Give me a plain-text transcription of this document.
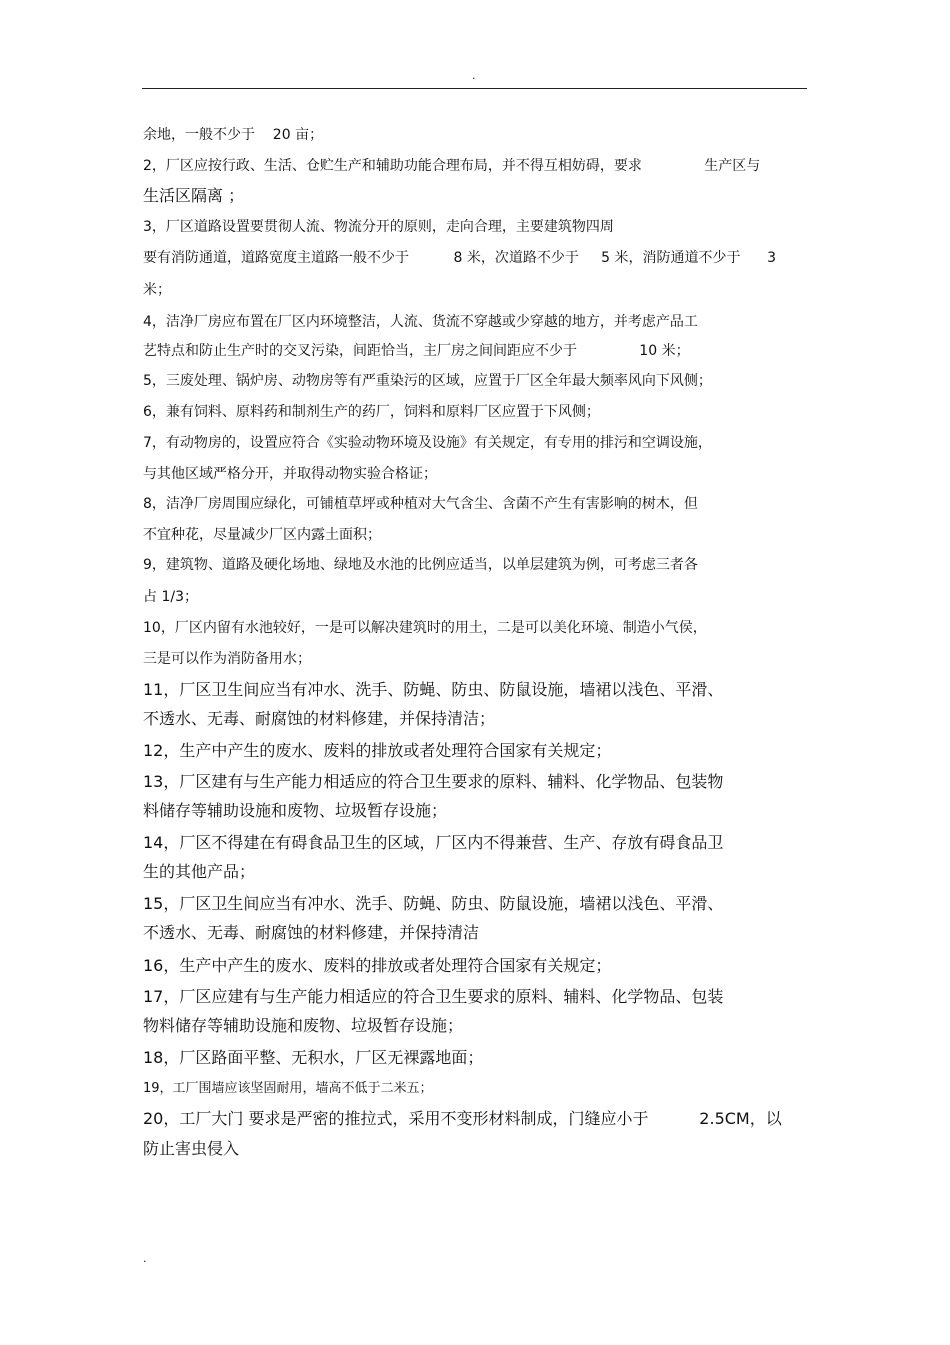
.
余地，一般不少于    20 亩；
2，厂区应按行政、生活、仓贮生产和辅助功能合理布局，并不得互相妨碍，要求              生产区与
生活区隔离 ；
3，厂区道路设置要贯彻人流、物流分开的原则，走向合理，主要建筑物四周
要有消防通道，道路宽度主道路一般不少于          8 米，次道路不少于     5 米，消防通道不少于      3
米；
4，洁净厂房应布置在厂区内环境整洁，人流、货流不穿越或少穿越的地方，并考虑产品工
艺特点和防止生产时的交叉污染，间距恰当，主厂房之间间距应不少于              10 米；
5，三废处理、锅炉房、动物房等有严重染污的区域，应置于厂区全年最大频率风向下风侧；
6，兼有饲料、原料药和制剂生产的药厂，饲料和原料厂区应置于下风侧；
7，有动物房的，设置应符合《实验动物环境及设施》有关规定，有专用的排污和空调设施，
与其他区域严格分开，并取得动物实验合格证；
8，洁净厂房周围应绿化，可铺植草坪或种植对大气含尘、含菌不产生有害影响的树木，但
不宜种花，尽量减少厂区内露土面积；
9，建筑物、道路及硬化场地、绿地及水池的比例应适当，以单层建筑为例，可考虑三者各
占 1/3；
10，厂区内留有水池较好，一是可以解决建筑时的用土，二是可以美化环境、制造小气侯，
三是可以作为消防备用水；
11，厂区卫生间应当有冲水、洗手、防蝇、防虫、防鼠设施，墙裙以浅色、平滑、
不透水、无毒、耐腐蚀的材料修建，并保持清洁；
12，生产中产生的废水、废料的排放或者处理符合国家有关规定；
13，厂区建有与生产能力相适应的符合卫生要求的原料、辅料、化学物品、包装物
料储存等辅助设施和废物、垃圾暂存设施；
14，厂区不得建在有碍食品卫生的区域，厂区内不得兼营、生产、存放有碍食品卫
生的其他产品；
15，厂区卫生间应当有冲水、洗手、防蝇、防虫、防鼠设施，墙裙以浅色、平滑、
不透水、无毒、耐腐蚀的材料修建，并保持清洁
16，生产中产生的废水、废料的排放或者处理符合国家有关规定；
17，厂区应建有与生产能力相适应的符合卫生要求的原料、辅料、化学物品、包装
物料储存等辅助设施和废物、垃圾暂存设施；
18，厂区路面平整、无积水，厂区无裸露地面；
19，工厂围墙应该坚固耐用，墙高不低于二米五；
20，工厂大门 要求是严密的推拉式，采用不变形材料制成，门缝应小于          2.5CM，以
防止害虫侵入
.
